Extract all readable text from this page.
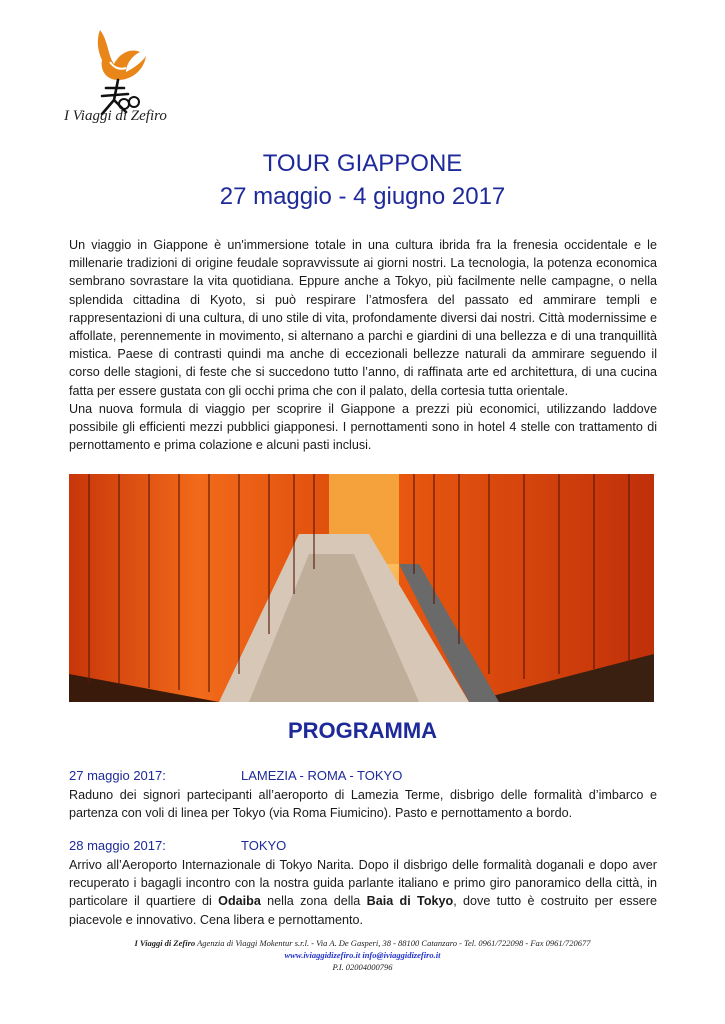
I Viaggi di Zefiro
TOUR GIAPPONE
27 maggio - 4 giugno 2017

Un viaggio in Giappone è un'immersione totale in una cultura ibrida fra la frenesia occidentale e le millenarie tradizioni di origine feudale sopravvissute ai giorni nostri. La tecnologia, la potenza economica sembrano sovrastare la vita quotidiana. Eppure anche a Tokyo, più facilmente nelle campagne, o nella splendida cittadina di Kyoto, si può respirare l’atmosfera del passato ed ammirare templi e rappresentazioni di una cultura, di uno stile di vita, profondamente diversi dai nostri. Città modernissime e affollate, perennemente in movimento, si alternano a parchi e giardini di una bellezza e di una tranquillità mistica. Paese di contrasti quindi ma anche di eccezionali bellezze naturali da ammirare seguendo il corso delle stagioni, di feste che si succedono tutto l’anno, di raffinata arte ed architettura, di una cucina fatta per essere gustata con gli occhi prima che con il palato, della cortesia tutta orientale.

Una nuova formula di viaggio per scoprire il Giappone a prezzi più economici, utilizzando laddove possibile gli efficienti mezzi pubblici giapponesi. I pernottamenti sono in hotel 4 stelle con trattamento di pernottamento e prima colazione e alcuni pasti inclusi.

PROGRAMMA
27 maggio 2017:	LAMEZIA - ROMA - TOKYO

Raduno dei signori partecipanti all’aeroporto di Lamezia Terme, disbrigo delle formalità d’imbarco e partenza con voli di linea per Tokyo (via Roma Fiumicino). Pasto e pernottamento a bordo.

28 maggio 2017:	TOKYO

Arrivo all’Aeroporto Internazionale di Tokyo Narita. Dopo il disbrigo delle formalità doganali e dopo aver recuperato i bagagli incontro con la nostra guida parlante italiano e primo giro panoramico della città, in particolare il quartiere di Odaiba nella zona della Baia di Tokyo, dove tutto è costruito per essere piacevole e innovativo. Cena libera e pernottamento.

I Viaggi di Zefiro Agenzia di Viaggi Mokentur s.r.l. - Via A. De Gasperi, 38 - 88100 Catanzaro - Tel. 0961/722098 - Fax 0961/720677
www.iviaggidizefiro.it info@iviaggidizefiro.it
P.I. 02004000796
